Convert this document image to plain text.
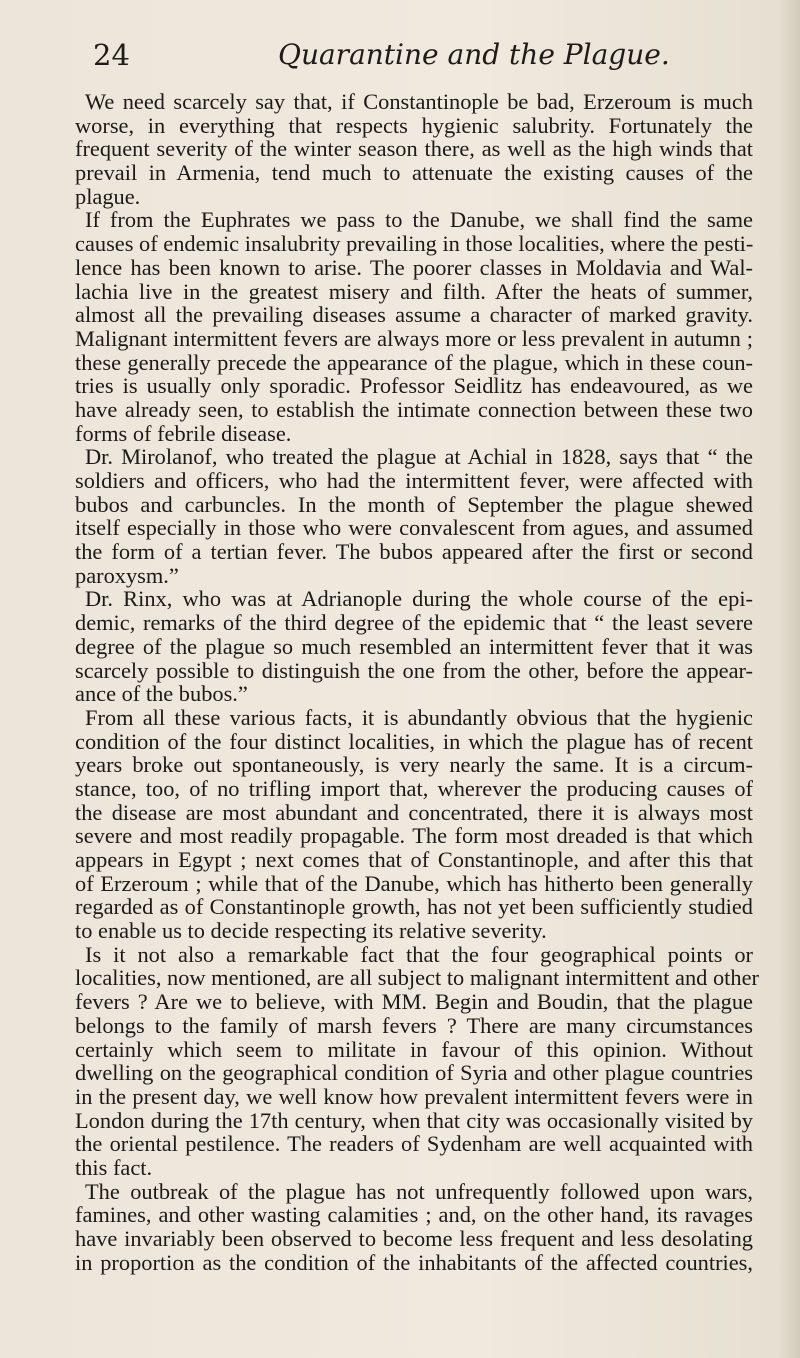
24	Quarantine and the Plague.
We need scarcely say that, if Constantinople be bad, Erzeroum is much
worse, in everything that respects hygienic salubrity. Fortunately the
frequent severity of the winter season there, as well as the high winds that
prevail in Armenia, tend much to attenuate the existing causes of the
plague.
If from the Euphrates we pass to the Danube, we shall find the same
causes of endemic insalubrity prevailing in those localities, where the pesti-
lence has been known to arise. The poorer classes in Moldavia and Wal-
lachia live in the greatest misery and filth. After the heats of summer,
almost all the prevailing diseases assume a character of marked gravity.
Malignant intermittent fevers are always more or less prevalent in autumn ;
these generally precede the appearance of the plague, which in these coun-
tries is usually only sporadic. Professor Seidlitz has endeavoured, as we
have already seen, to establish the intimate connection between these two
forms of febrile disease.
Dr. Mirolanof, who treated the plague at Achial in 1828, says that “ the
soldiers and officers, who had the intermittent fever, were affected with
bubos and carbuncles. In the month of September the plague shewed
itself especially in those who were convalescent from agues, and assumed
the form of a tertian fever. The bubos appeared after the first or second
paroxysm.”
Dr. Rinx, who was at Adrianople during the whole course of the epi-
demic, remarks of the third degree of the epidemic that “ the least severe
degree of the plague so much resembled an intermittent fever that it was
scarcely possible to distinguish the one from the other, before the appear-
ance of the bubos.”
From all these various facts, it is abundantly obvious that the hygienic
condition of the four distinct localities, in which the plague has of recent
years broke out spontaneously, is very nearly the same. It is a circum-
stance, too, of no trifling import that, wherever the producing causes of
the disease are most abundant and concentrated, there it is always most
severe and most readily propagable. The form most dreaded is that which
appears in Egypt ; next comes that of Constantinople, and after this that
of Erzeroum ; while that of the Danube, which has hitherto been generally
regarded as of Constantinople growth, has not yet been sufficiently studied
to enable us to decide respecting its relative severity.
Is it not also a remarkable fact that the four geographical points or
localities, now mentioned, are all subject to malignant intermittent and other
fevers ? Are we to believe, with MM. Begin and Boudin, that the plague
belongs to the family of marsh fevers ? There are many circumstances
certainly which seem to militate in favour of this opinion. Without
dwelling on the geographical condition of Syria and other plague countries
in the present day, we well know how prevalent intermittent fevers were in
London during the 17th century, when that city was occasionally visited by
the oriental pestilence. The readers of Sydenham are well acquainted with
this fact.
The outbreak of the plague has not unfrequently followed upon wars,
famines, and other wasting calamities ; and, on the other hand, its ravages
have invariably been observed to become less frequent and less desolating
in proportion as the condition of the inhabitants of the affected countries,
